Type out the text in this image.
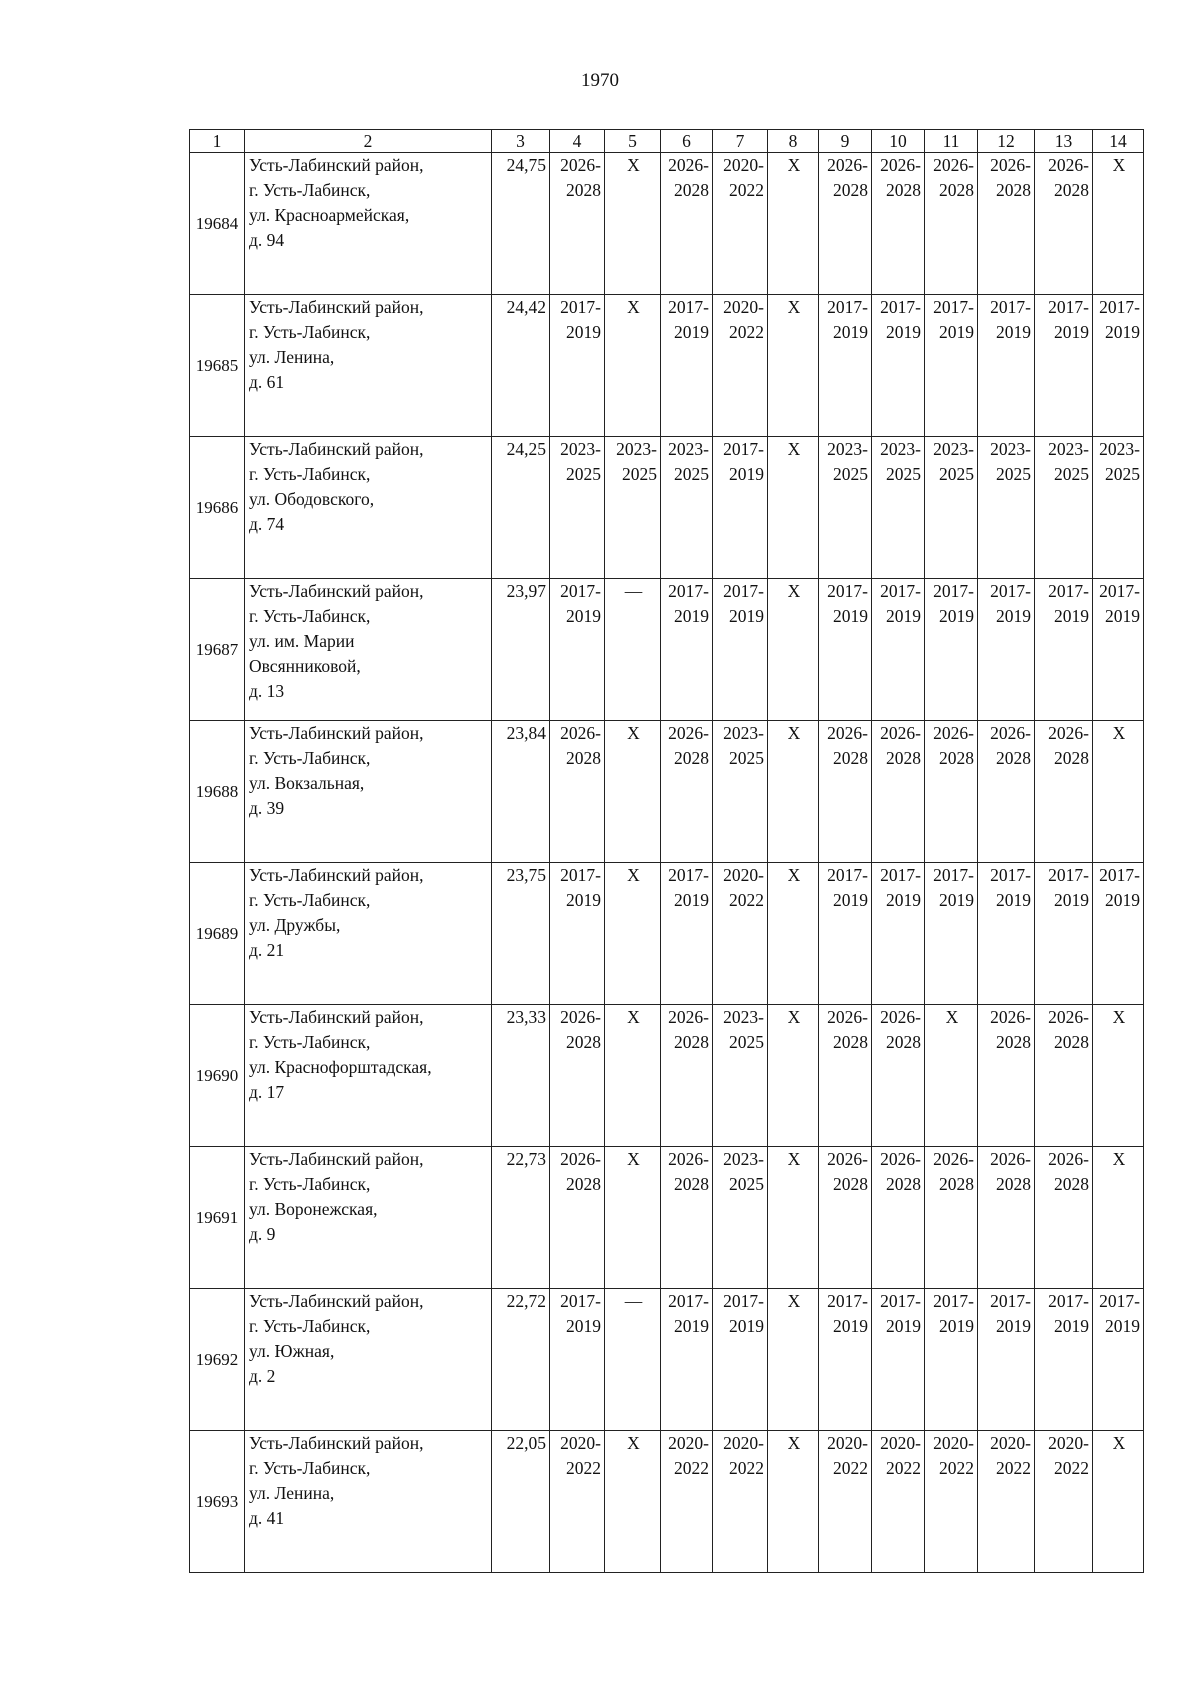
1970
1	2	3	4	5	6	7	8	9	10	11	12	13	14
19684	Усть-Лабинский район,
г. Усть-Лабинск,
ул. Красноармейская,
д. 94	24,75	2026-
2028	X	2026-
2028	2020-
2022	X	2026-
2028	2026-
2028	2026-
2028	2026-
2028	2026-
2028	X
19685	Усть-Лабинский район,
г. Усть-Лабинск,
ул. Ленина,
д. 61	24,42	2017-
2019	X	2017-
2019	2020-
2022	X	2017-
2019	2017-
2019	2017-
2019	2017-
2019	2017-
2019	2017-
2019
19686	Усть-Лабинский район,
г. Усть-Лабинск,
ул. Ободовского,
д. 74	24,25	2023-
2025	2023-
2025	2023-
2025	2017-
2019	X	2023-
2025	2023-
2025	2023-
2025	2023-
2025	2023-
2025	2023-
2025
19687	Усть-Лабинский район,
г. Усть-Лабинск,
ул. им. Марии
Овсянниковой,
д. 13	23,97	2017-
2019	—	2017-
2019	2017-
2019	X	2017-
2019	2017-
2019	2017-
2019	2017-
2019	2017-
2019	2017-
2019
19688	Усть-Лабинский район,
г. Усть-Лабинск,
ул. Вокзальная,
д. 39	23,84	2026-
2028	X	2026-
2028	2023-
2025	X	2026-
2028	2026-
2028	2026-
2028	2026-
2028	2026-
2028	X
19689	Усть-Лабинский район,
г. Усть-Лабинск,
ул. Дружбы,
д. 21	23,75	2017-
2019	X	2017-
2019	2020-
2022	X	2017-
2019	2017-
2019	2017-
2019	2017-
2019	2017-
2019	2017-
2019
19690	Усть-Лабинский район,
г. Усть-Лабинск,
ул. Краснофорштадская,
д. 17	23,33	2026-
2028	X	2026-
2028	2023-
2025	X	2026-
2028	2026-
2028	X	2026-
2028	2026-
2028	X
19691	Усть-Лабинский район,
г. Усть-Лабинск,
ул. Воронежская,
д. 9	22,73	2026-
2028	X	2026-
2028	2023-
2025	X	2026-
2028	2026-
2028	2026-
2028	2026-
2028	2026-
2028	X
19692	Усть-Лабинский район,
г. Усть-Лабинск,
ул. Южная,
д. 2	22,72	2017-
2019	—	2017-
2019	2017-
2019	X	2017-
2019	2017-
2019	2017-
2019	2017-
2019	2017-
2019	2017-
2019
19693	Усть-Лабинский район,
г. Усть-Лабинск,
ул. Ленина,
д. 41	22,05	2020-
2022	X	2020-
2022	2020-
2022	X	2020-
2022	2020-
2022	2020-
2022	2020-
2022	2020-
2022	X
